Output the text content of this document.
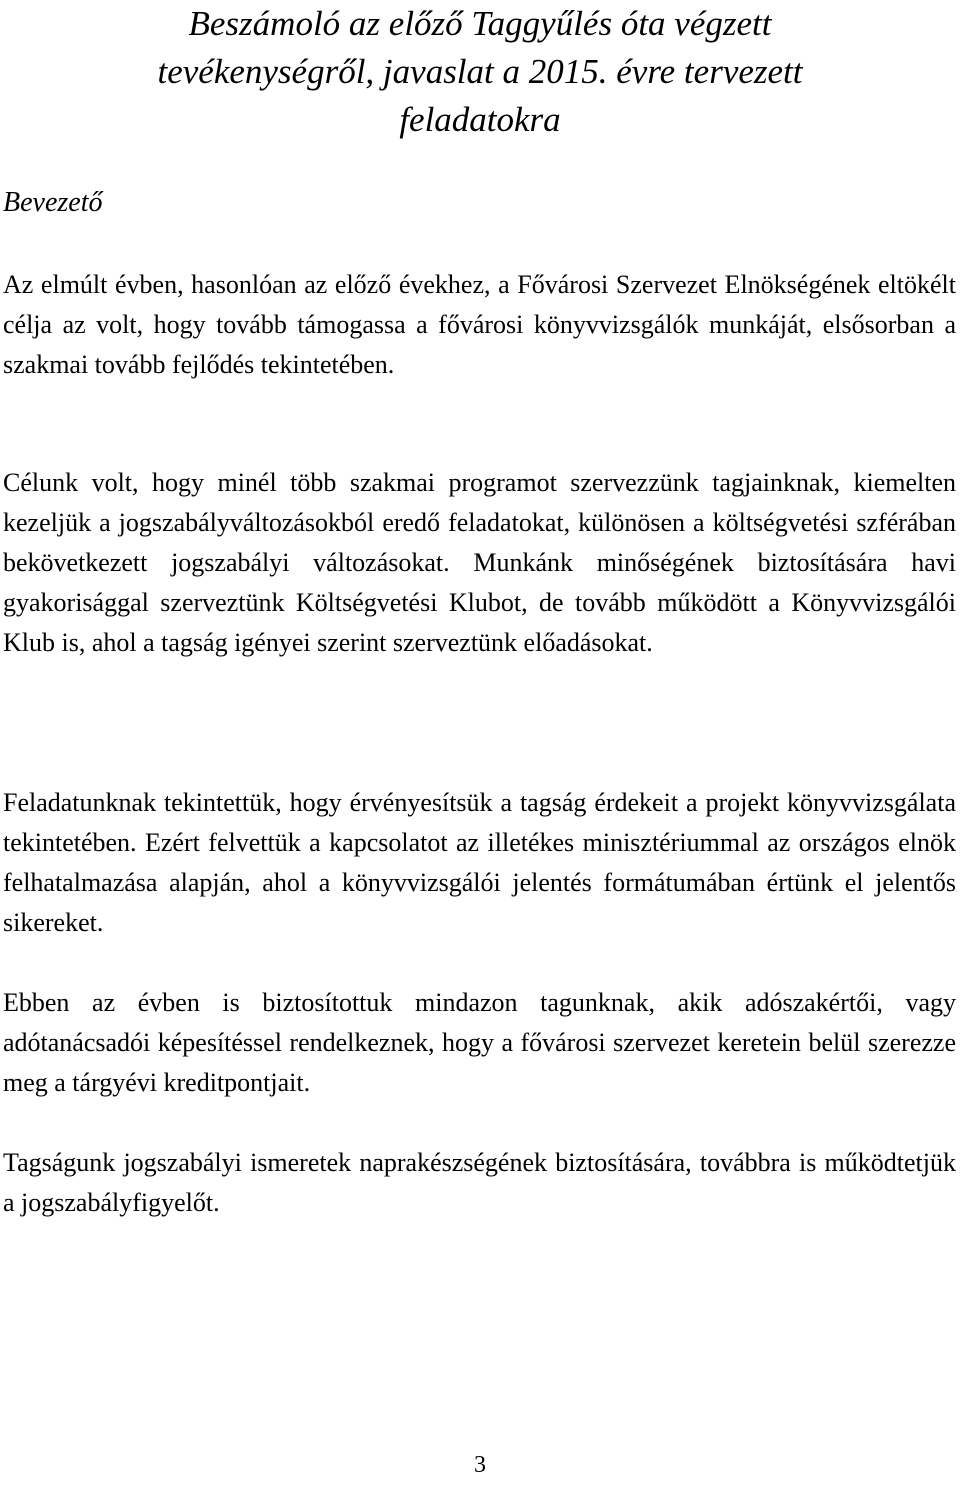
Beszámoló az előző Taggyűlés óta végzett
tevékenységről, javaslat a 2015. évre tervezett
feladatokra
Bevezető

Az elmúlt évben, hasonlóan az előző évekhez, a Fővárosi Szervezet Elnökségének eltökélt célja az volt, hogy tovább támogassa a fővárosi könyvvizsgálók munkáját, elsősorban a szakmai tovább fejlődés tekintetében.

Célunk volt, hogy minél több szakmai programot szervezzünk tagjainknak, kiemelten kezeljük a jogszabályváltozásokból eredő feladatokat, különösen a költségvetési szférában bekövetkezett jogszabályi változásokat. Munkánk minőségének biztosítására havi gyakorisággal szerveztünk Költségvetési Klubot, de tovább működött a Könyvvizsgálói Klub is, ahol a tagság igényei szerint szerveztünk előadásokat.

Feladatunknak tekintettük, hogy érvényesítsük a tagság érdekeit a projekt könyvvizsgálata tekintetében. Ezért felvettük a kapcsolatot az illetékes minisztériummal az országos elnök felhatalmazása alapján, ahol a könyvvizsgálói jelentés formátumában értünk el jelentős sikereket.

Ebben az évben is biztosítottuk mindazon tagunknak, akik adószakértői, vagy adótanácsadói képesítéssel rendelkeznek, hogy a fővárosi szervezet keretein belül szerezze meg a tárgyévi kreditpontjait.

Tagságunk jogszabályi ismeretek naprakészségének biztosítására, továbbra is működtetjük a jogszabályfigyelőt.

3
